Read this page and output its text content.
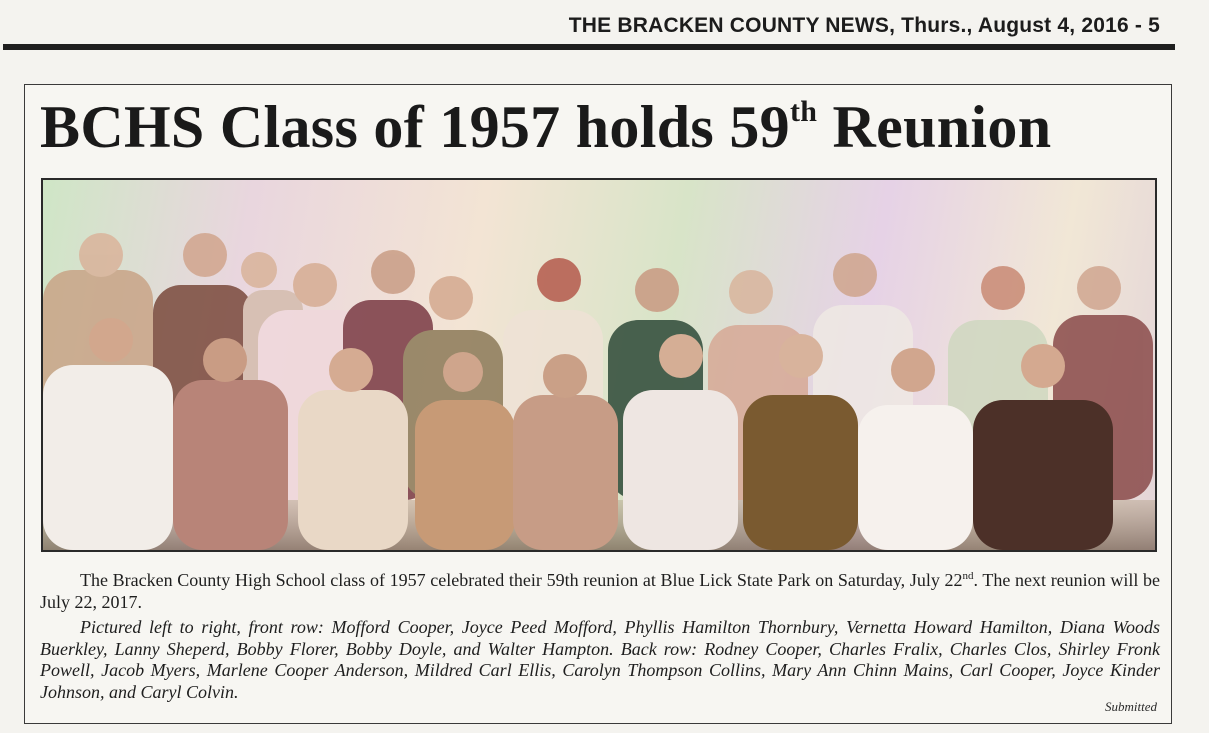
THE BRACKEN COUNTY NEWS, Thurs., August 4, 2016 - 5
BCHS Class of 1957 holds 59th Reunion

The Bracken County High School class of 1957 celebrated their 59th reunion at Blue Lick State Park on Saturday, July 22nd. The next reunion will be July 22, 2017.

Pictured left to right, front row: Mofford Cooper, Joyce Peed Mofford, Phyllis Hamilton Thornbury, Vernetta Howard Hamilton, Diana Woods Buerkley, Lanny Sheperd, Bobby Florer, Bobby Doyle, and Walter Hampton. Back row: Rodney Cooper, Charles Fralix, Charles Clos, Shirley Fronk Powell, Jacob Myers, Marlene Cooper Anderson, Mildred Carl Ellis, Carolyn Thompson Collins, Mary Ann Chinn Mains, Carl Cooper, Joyce Kinder Johnson, and Caryl Colvin.

Submitted
